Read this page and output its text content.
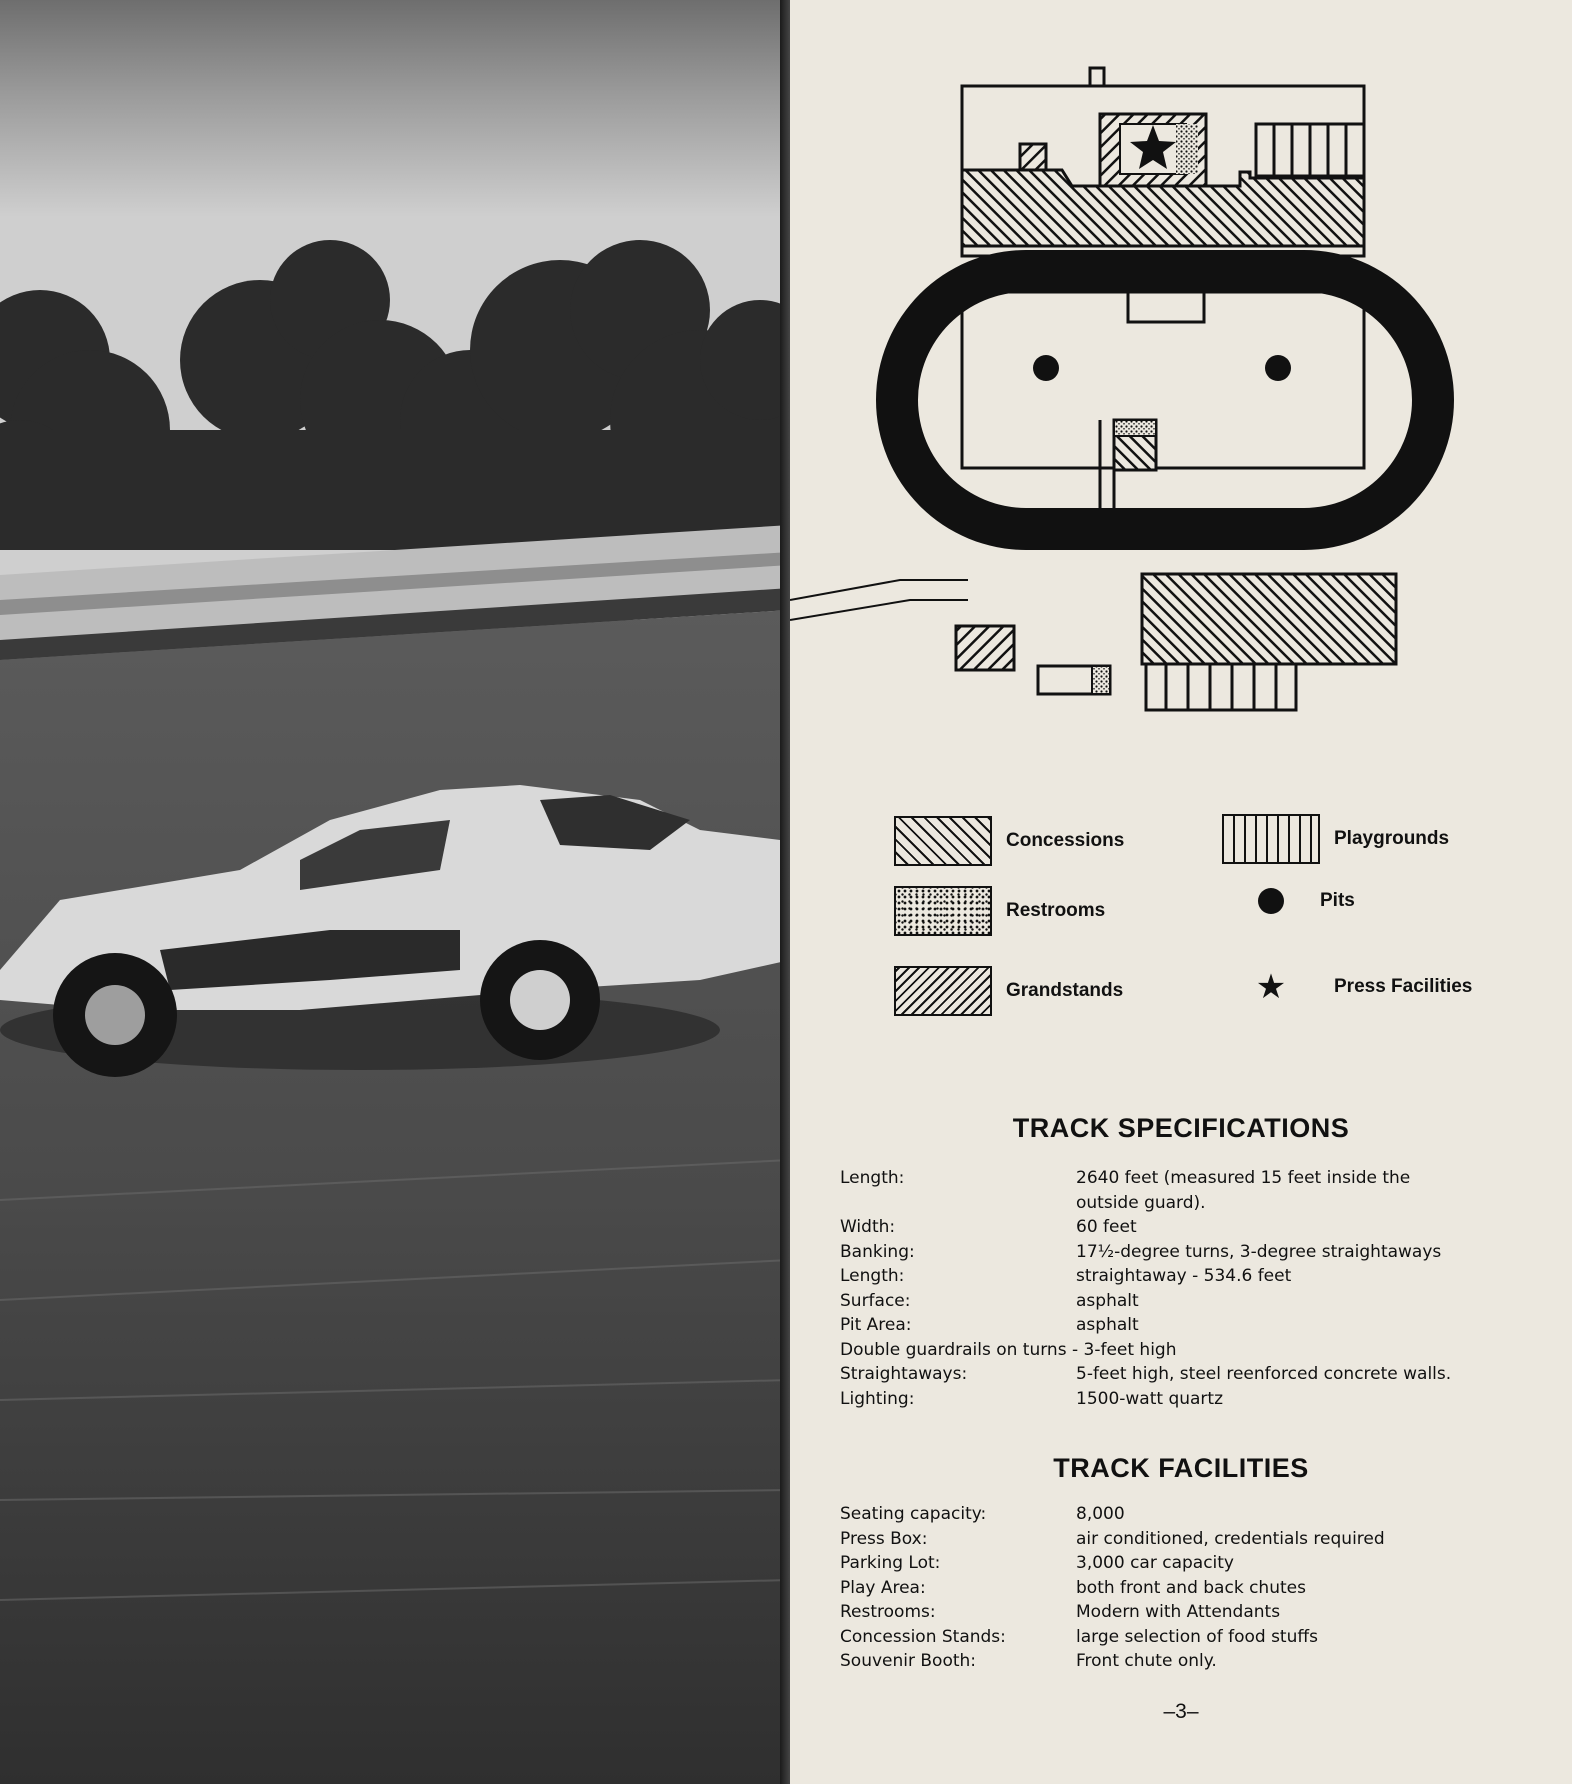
Concessions
Restrooms
Grandstands
Playgrounds
Pits
★	Press Facilities
TRACK SPECIFICATIONS
Length:	2640 feet (measured 15 feet inside the
outside guard).
Width:	60 feet
Banking:	17½-degree turns, 3-degree straightaways
Length:	straightaway - 534.6 feet
Surface:	asphalt
Pit Area:	asphalt
Double guardrails on turns - 3-feet high
Straightaways:	5-feet high, steel reenforced concrete walls.
Lighting:	1500-watt quartz
TRACK FACILITIES
Seating capacity:	8,000
Press Box:	air conditioned, credentials required
Parking Lot:	3,000 car capacity
Play Area:	both front and back chutes
Restrooms:	Modern with Attendants
Concession Stands:	large selection of food stuffs
Souvenir Booth:	Front chute only.
–3–
